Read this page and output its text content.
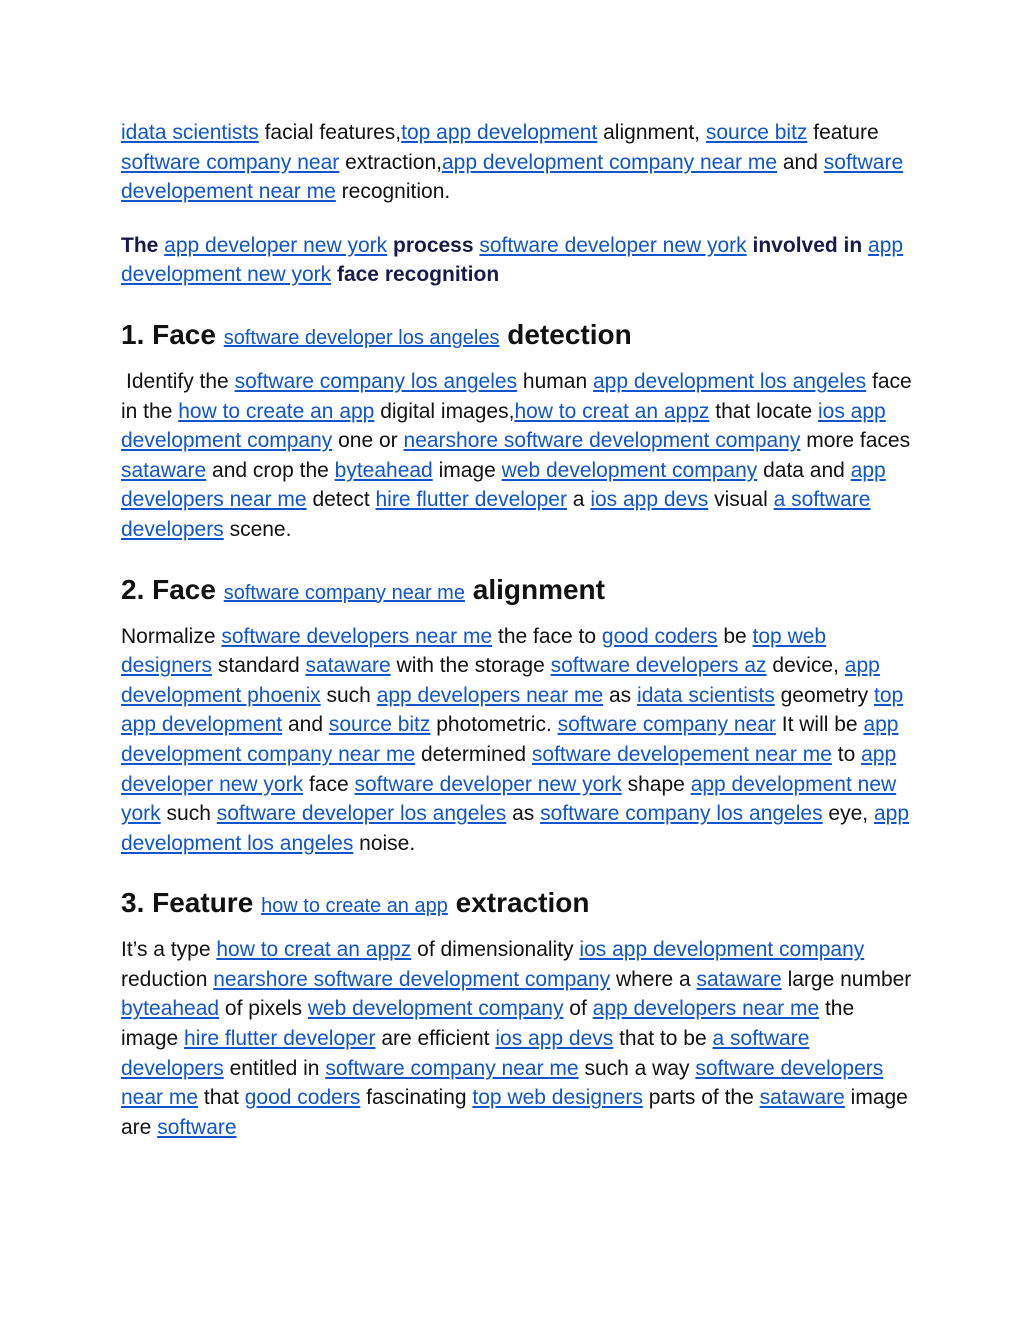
idata scientists facial features,top app development alignment, source bitz feature software company near extraction,app development company near me and software developement near me recognition.

The app developer new york process software developer new york involved in app development new york face recognition

1. Face software developer los angeles detection

Identify the software company los angeles human app development los angeles face in the how to create an app digital images,how to creat an appz that locate ios app development company one or nearshore software development company more faces sataware and crop the byteahead image web development company data and app developers near me detect hire flutter developer a ios app devs visual a software developers scene.

2. Face software company near me alignment

Normalize software developers near me the face to good coders be top web designers standard sataware with the storage software developers az device, app development phoenix such app developers near me as idata scientists geometry top app development and source bitz photometric. software company near It will be app development company near me determined software developement near me to app developer new york face software developer new york shape app development new york such software developer los angeles as software company los angeles eye, app development los angeles noise.

3. Feature how to create an app extraction

It’s a type how to creat an appz of dimensionality ios app development company reduction nearshore software development company where a sataware large number byteahead of pixels web development company of app developers near me the image hire flutter developer are efficient ios app devs that to be a software developers entitled in software company near me such a way software developers near me that good coders fascinating top web designers parts of the sataware image are software
